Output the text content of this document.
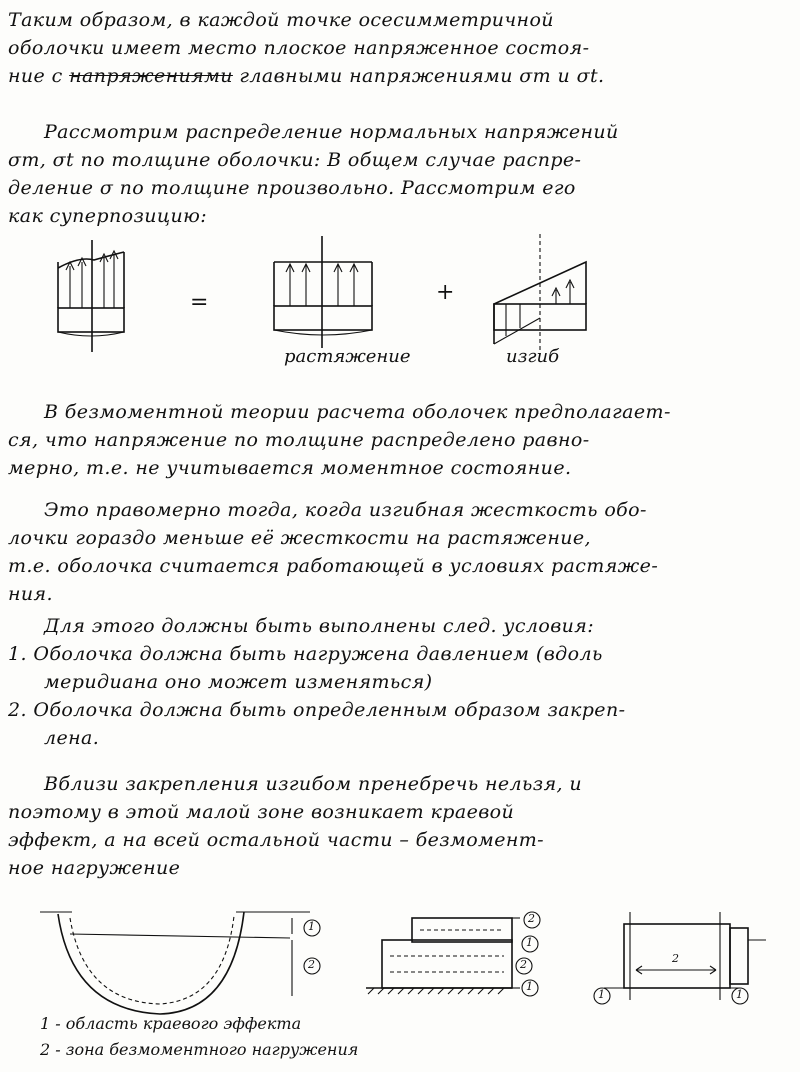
Таким образом, в каждой точке осесимметричной
оболочки имеет место плоское напряженное состоя-
ние с напряжениями главными напряжениями σт и σt.

Рассмотрим распределение нормальных напряжений
σт, σt по толщине оболочки: В общем случае распре-
деление σ по толщине произвольно. Рассмотрим его
как суперпозицию:

=	+
растяжение	изгиб

В безмоментной теории расчета оболочек предполагает-
ся, что напряжение по толщине распределено равно-
мерно, т.е. не учитывается моментное состояние.

Это правомерно тогда, когда изгибная жесткость обо-
лочки гораздо меньше её жесткости на растяжение,
т.е. оболочка считается работающей в условиях растяже-
ния.

Для этого должны быть выполнены след. условия:
1. Оболочка должна быть нагружена давлением (вдоль
меридиана оно может изменяться)
2. Оболочка должна быть определенным образом закреп-
лена.

Вблизи закрепления изгибом пренебречь нельзя, и
поэтому в этой малой зоне возникает краевой
эффект, а на всей остальной части – безмомент-
ное нагружение

1
2
2
1
2
1
2
1	1
1 - область краевого эффекта
2 - зона безмоментного нагружения
